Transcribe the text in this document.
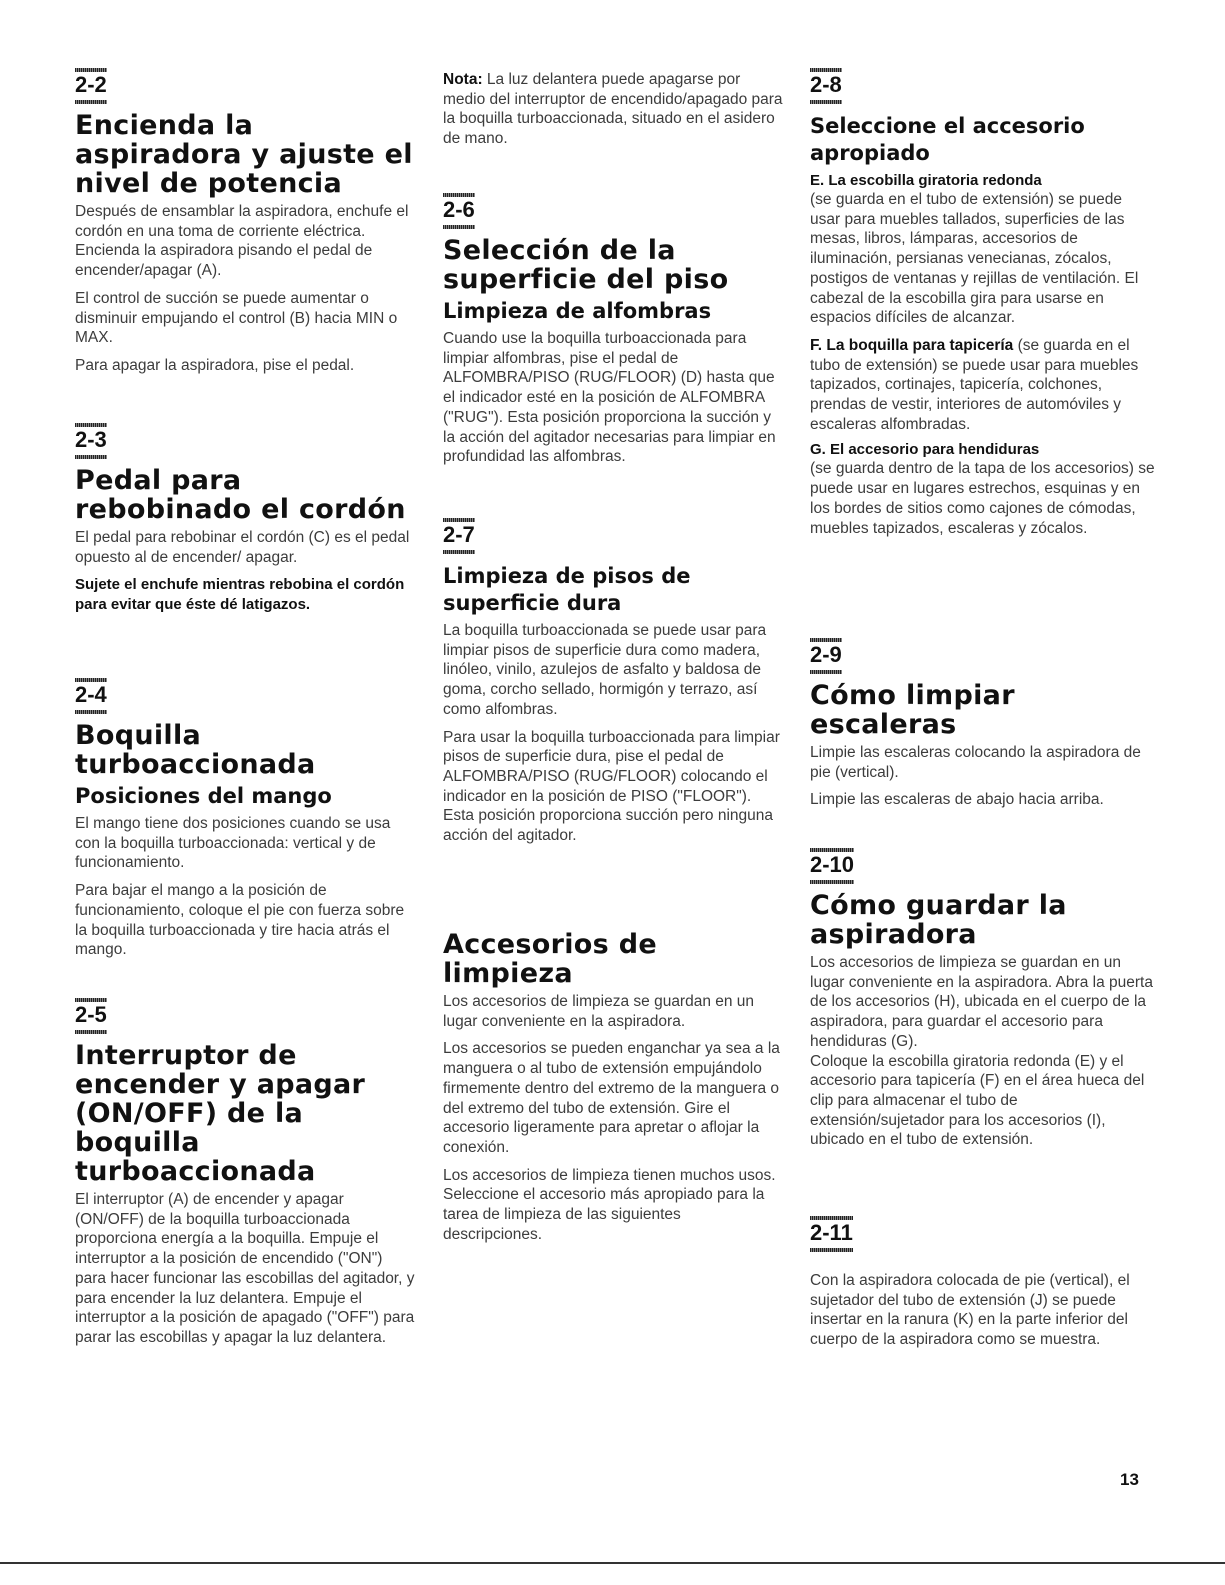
2-2
Encienda la aspiradora y ajuste el nivel de potencia

Después de ensamblar la aspiradora, enchufe el cordón en una toma de corriente eléctrica. Encienda la aspiradora pisando el pedal de encender/apagar (A).

El control de succión se puede aumentar o disminuir empujando el control (B) hacia MIN o MAX.

Para apagar la aspiradora, pise el pedal.

2-3
Pedal para rebobinado el cordón

El pedal para rebobinar el cordón (C) es el pedal opuesto al de encender/ apagar.

Sujete el enchufe mientras rebobina el cordón para evitar que éste dé latigazos.

2-4
Boquilla turboaccionada
Posiciones del mango

El mango tiene dos posiciones cuando se usa con la boquilla turboaccionada: vertical y de funcionamiento.

Para bajar el mango a la posición de funcionamiento, coloque el pie con fuerza sobre la boquilla turboaccionada y tire hacia atrás el mango.

2-5
Interruptor de encender y apagar (ON/OFF) de la boquilla turboaccionada

El interruptor (A) de encender y apagar (ON/OFF) de la boquilla turboaccionada proporciona energía a la boquilla. Empuje el interruptor a la posición de encendido ("ON") para hacer funcionar las escobillas del agitador, y para encender la luz delantera. Empuje el interruptor a la posición de apagado ("OFF") para parar las escobillas y apagar la luz delantera.

Nota: La luz delantera puede apagarse por medio del interruptor de encendido/apagado para la boquilla turboaccionada, situado en el asidero de mano.

2-6
Selección de la superficie del piso
Limpieza de alfombras

Cuando use la boquilla turboaccionada para limpiar alfombras, pise el pedal de ALFOMBRA/PISO (RUG/FLOOR) (D) hasta que el indicador esté en la posición de ALFOMBRA ("RUG"). Esta posición proporciona la succión y la acción del agitador necesarias para limpiar en profundidad las alfombras.

2-7
Limpieza de pisos de superficie dura

La boquilla turboaccionada se puede usar para limpiar pisos de superficie dura como madera, linóleo, vinilo, azulejos de asfalto y baldosa de goma, corcho sellado, hormigón y terrazo, así como alfombras.

Para usar la boquilla turboaccionada para limpiar pisos de superficie dura, pise el pedal de ALFOMBRA/PISO (RUG/FLOOR) colocando el indicador en la posición de PISO ("FLOOR"). Esta posición proporciona succión pero ninguna acción del agitador.

Accesorios de limpieza

Los accesorios de limpieza se guardan en un lugar conveniente en la aspiradora.

Los accesorios se pueden enganchar ya sea a la manguera o al tubo de extensión empujándolo firmemente dentro del extremo de la manguera o del extremo del tubo de extensión. Gire el accesorio ligeramente para apretar o aflojar la conexión.

Los accesorios de limpieza tienen muchos usos. Seleccione el accesorio más apropiado para la tarea de limpieza de las siguientes descripciones.

2-8
Seleccione el accesorio apropiado
E. La escobilla giratoria redonda

(se guarda en el tubo de extensión) se puede usar para muebles tallados, superficies de las mesas, libros, lámparas, accesorios de iluminación, persianas venecianas, zócalos, postigos de ventanas y rejillas de ventilación. El cabezal de la escobilla gira para usarse en espacios difíciles de alcanzar.

F. La boquilla para tapicería (se guarda en el tubo de extensión) se puede usar para muebles tapizados, cortinajes, tapicería, colchones, prendas de vestir, interiores de automóviles y escaleras alfombradas.

G. El accesorio para hendiduras

(se guarda dentro de la tapa de los accesorios) se puede usar en lugares estrechos, esquinas y en los bordes de sitios como cajones de cómodas, muebles tapizados, escaleras y zócalos.

2-9
Cómo limpiar escaleras

Limpie las escaleras colocando la aspiradora de pie (vertical).

Limpie las escaleras de abajo hacia arriba.

2-10
Cómo guardar la aspiradora

Los accesorios de limpieza se guardan en un lugar conveniente en la aspiradora. Abra la puerta de los accesorios (H), ubicada en el cuerpo de la aspiradora, para guardar el accesorio para hendiduras (G).

Coloque la escobilla giratoria redonda (E) y el accesorio para tapicería (F) en el área hueca del clip para almacenar el tubo de extensión/sujetador para los accesorios (I), ubicado en el tubo de extensión.

2-11

Con la aspiradora colocada de pie (vertical), el sujetador del tubo de extensión (J) se puede insertar en la ranura (K) en la parte inferior del cuerpo de la aspiradora como se muestra.

13
